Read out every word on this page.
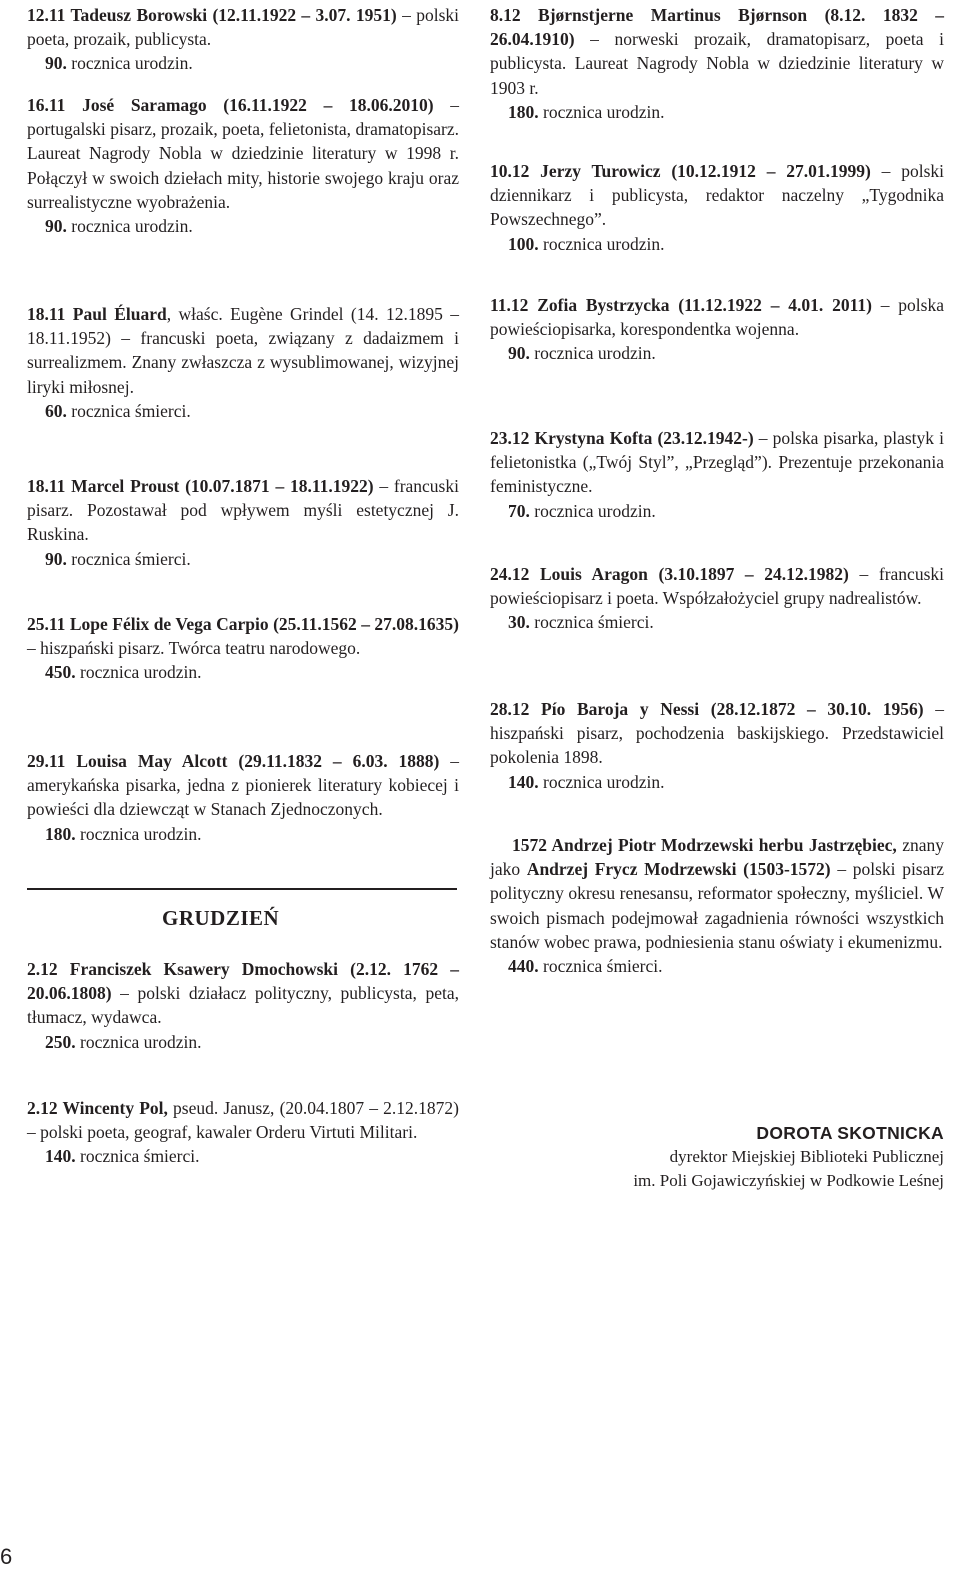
12.11 Tadeusz Borowski (12.11.1922 – 3.07. 1951) – polski poeta, prozaik, publicysta.

90. rocznica urodzin.

16.11 José Saramago (16.11.1922 – 18.06.2010) – portugalski pisarz, prozaik, poeta, felietonista, dramatopisarz. Laureat Nagrody Nobla w dziedzinie literatury w 1998 r. Połączył w swoich dziełach mity, historie swojego kraju oraz surrealistyczne wyobrażenia.

90. rocznica urodzin.

18.11 Paul Éluard, właśc. Eugène Grindel (14. 12.1895 – 18.11.1952) – francuski poeta, związany z dadaizmem i surrealizmem. Znany zwłaszcza z wysublimowanej, wizyjnej liryki miłosnej.

60. rocznica śmierci.

18.11 Marcel Proust (10.07.1871 – 18.11.1922) – francuski pisarz. Pozostawał pod wpływem myśli estetycznej J. Ruskina.

90. rocznica śmierci.

25.11 Lope Félix de Vega Carpio (25.11.1562 – 27.08.1635) – hiszpański pisarz. Twórca teatru narodowego.

450. rocznica urodzin.

29.11 Louisa May Alcott (29.11.1832 – 6.03. 1888) – amerykańska pisarka, jedna z pionierek literatury kobiecej i powieści dla dziewcząt w Stanach Zjednoczonych.

180. rocznica urodzin.

GRUDZIEŃ

2.12 Franciszek Ksawery Dmochowski (2.12. 1762 – 20.06.1808) – polski działacz polityczny, publicysta, peta, tłumacz, wydawca.

250. rocznica urodzin.

2.12 Wincenty Pol, pseud. Janusz, (20.04.1807 – 2.12.1872) – polski poeta, geograf, kawaler Orderu Virtuti Militari.

140. rocznica śmierci.

8.12 Bjørnstjerne Martinus Bjørnson (8.12. 1832 – 26.04.1910) – norweski prozaik, dramatopisarz, poeta i publicysta. Laureat Nagrody Nobla w dziedzinie literatury w 1903 r.

180. rocznica urodzin.

10.12 Jerzy Turowicz (10.12.1912 – 27.01.1999) – polski dziennikarz i publicysta, redaktor naczelny „Tygodnika Powszechnego”.

100. rocznica urodzin.

11.12 Zofia Bystrzycka (11.12.1922 – 4.01. 2011) – polska powieściopisarka, korespondentka wojenna.

90. rocznica urodzin.

23.12 Krystyna Kofta (23.12.1942-) – polska pisarka, plastyk i felietonistka („Twój Styl”, „Przegląd”). Prezentuje przekonania feministyczne.

70. rocznica urodzin.

24.12 Louis Aragon (3.10.1897 – 24.12.1982) – francuski powieściopisarz i poeta. Współzałożyciel grupy nadrealistów.

30. rocznica śmierci.

28.12 Pío Baroja y Nessi (28.12.1872 – 30.10. 1956) – hiszpański pisarz, pochodzenia baskijskiego. Przedstawiciel pokolenia 1898.

140. rocznica urodzin.

1572 Andrzej Piotr Modrzewski herbu Jastrzębiec, znany jako Andrzej Frycz Modrzewski (1503-1572) – polski pisarz polityczny okresu renesansu, reformator społeczny, myśliciel. W swoich pismach podejmował zagadnienia równości wszystkich stanów wobec prawa, podniesienia stanu oświaty i ekumenizmu.

440. rocznica śmierci.

DOROTA SKOTNICKA
dyrektor Miejskiej Biblioteki Publicznej
im. Poli Gojawiczyńskiej w Podkowie Leśnej
6
